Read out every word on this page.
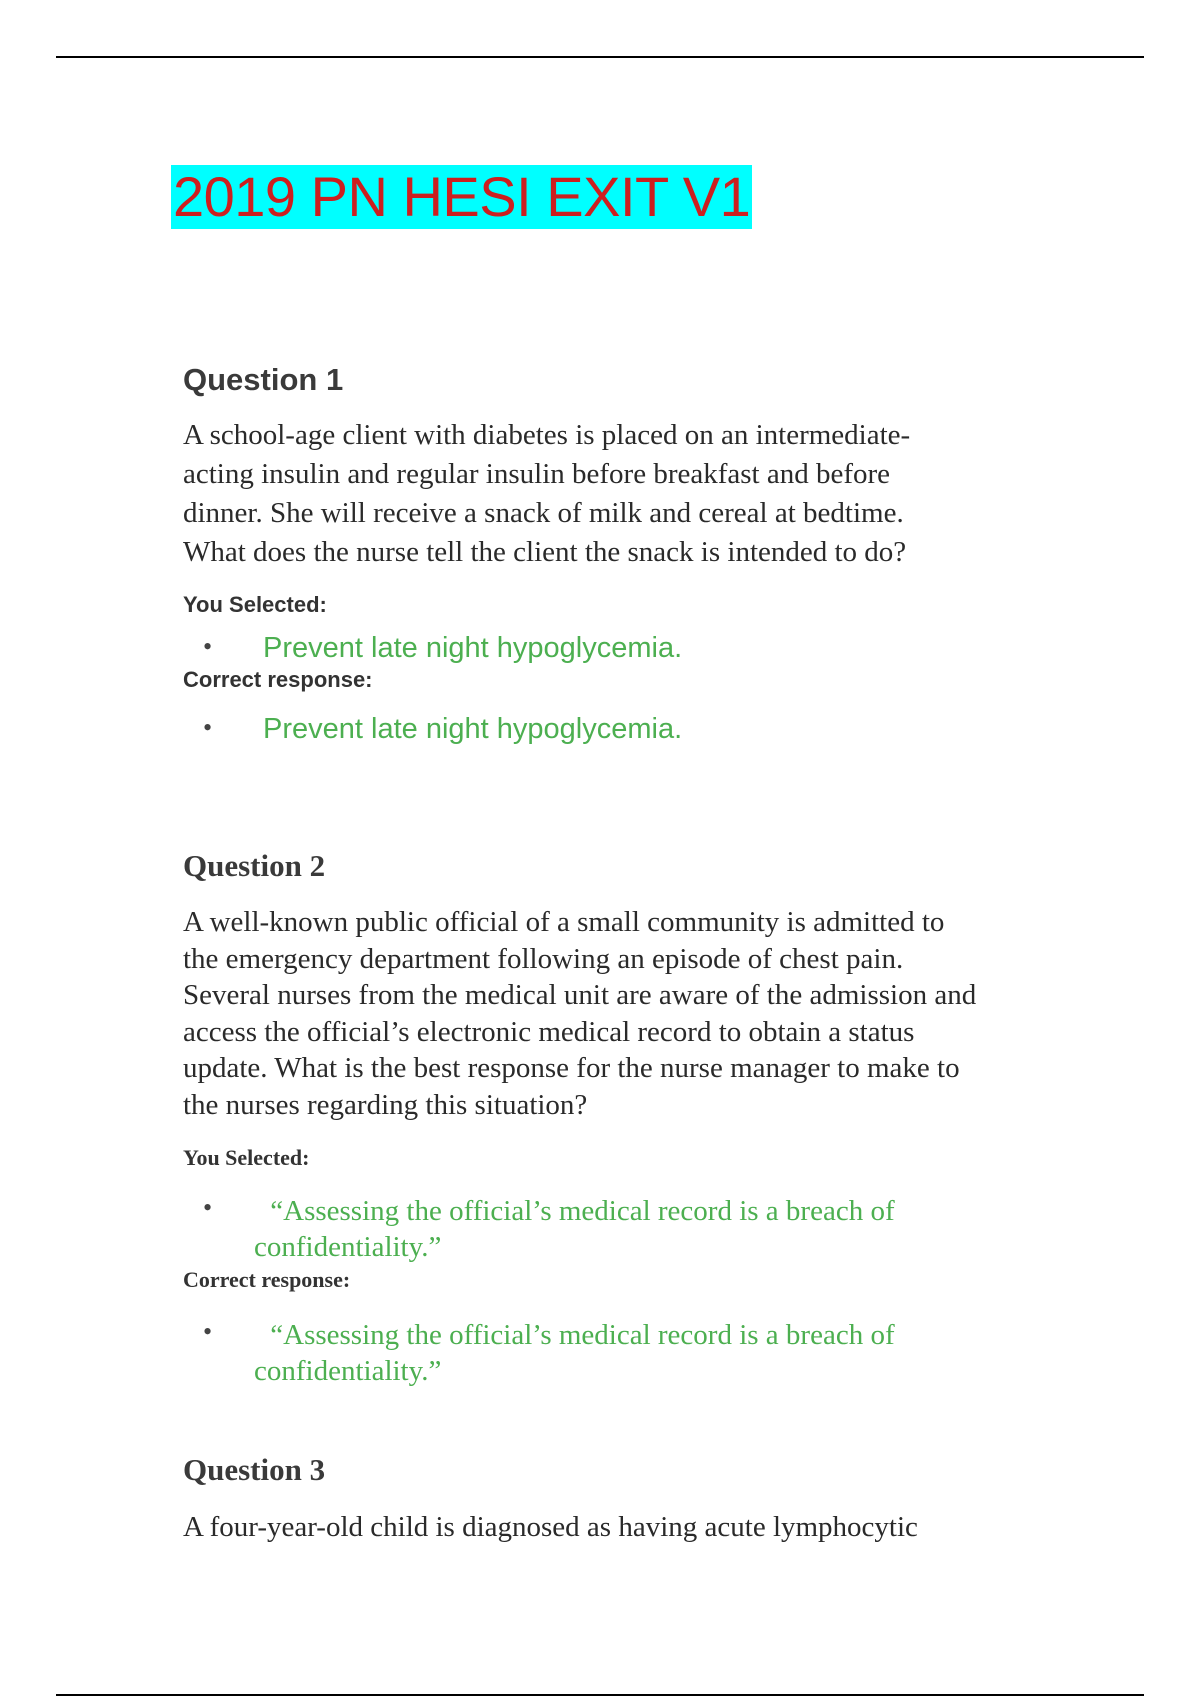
2019 PN HESI EXIT V1

Question 1

A school-age client with diabetes is placed on an intermediate-

acting insulin and regular insulin before breakfast and before

dinner. She will receive a snack of milk and cereal at bedtime.

What does the nurse tell the client the snack is intended to do?

You Selected:

•	Prevent late night hypoglycemia.

Correct response:

•	Prevent late night hypoglycemia.

Question 2

A well-known public official of a small community is admitted to

the emergency department following an episode of chest pain.

Several nurses from the medical unit are aware of the admission and

access the official’s electronic medical record to obtain a status

update. What is the best response for the nurse manager to make to

the nurses regarding this situation?

You Selected:

•	“Assessing the official’s medical record is a breach of
confidentiality.”

Correct response:

•	“Assessing the official’s medical record is a breach of
confidentiality.”

Question 3

A four-year-old child is diagnosed as having acute lymphocytic
